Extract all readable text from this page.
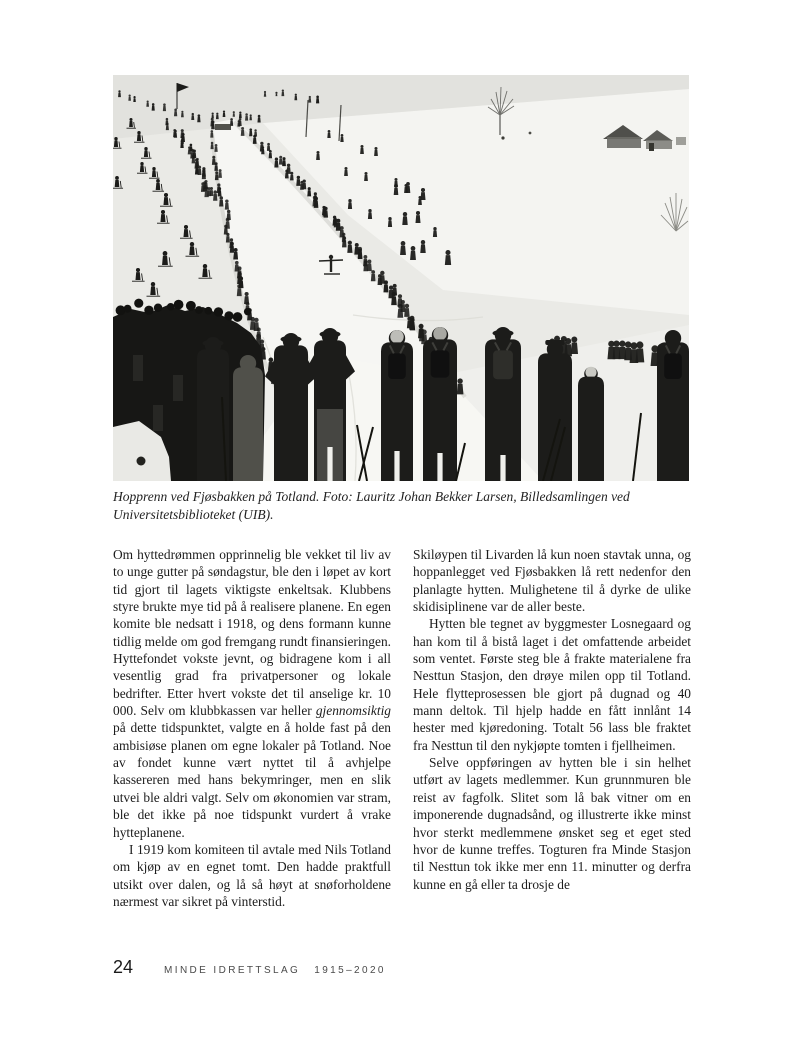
Hopprenn ved Fjøsbakken på Totland. Foto: Lauritz Johan Bekker Larsen, Billedsamlingen ved
Universitetsbiblioteket (UIB).

Om hyttedrømmen opprinnelig ble vekket til liv av to unge gutter på søndagstur, ble den i løpet av kort tid gjort til lagets viktigste enkeltsak. Klubbens styre brukte mye tid på å realisere planene. En egen komite ble nedsatt i 1918, og dens formann kunne tidlig melde om god fremgang rundt finansieringen. Hyttefondet vokste jevnt, og bidragene kom i all vesentlig grad fra privatpersoner og lokale bedrifter. Etter hvert vokste det til anselige kr. 10 000. Selv om klubbkassen var heller gjennomsiktig på dette tidspunktet, valgte en å holde fast på den ambisiøse planen om egne lokaler på Totland. Noe av fondet kunne vært nyttet til å avhjelpe kassereren med hans bekymringer, men en slik utvei ble aldri valgt. Selv om økonomien var stram, ble det ikke på noe tidspunkt vurdert å vrake hytteplanene.

I 1919 kom komiteen til avtale med Nils Totland om kjøp av en egnet tomt. Den hadde praktfull utsikt over dalen, og lå så høyt at snøforholdene nærmest var sikret på vinterstid.

Skiløypen til Livarden lå kun noen stavtak unna, og hoppanlegget ved Fjøsbakken lå rett nedenfor den planlagte hytten. Mulighetene til å dyrke de ulike skidisiplinene var de aller beste.

Hytten ble tegnet av byggmester Losnegaard og han kom til å bistå laget i det omfattende arbeidet som ventet. Første steg ble å frakte materialene fra Nesttun Stasjon, den drøye milen opp til Totland. Hele flytteprosessen ble gjort på dugnad og 40 mann deltok. Til hjelp hadde en fått innlånt 14 hester med kjøredoning. Totalt 56 lass ble fraktet fra Nesttun til den nykjøpte tomten i fjellheimen.

Selve oppføringen av hytten ble i sin helhet utført av lagets medlemmer. Kun grunnmuren ble reist av fagfolk. Slitet som lå bak vitner om en imponerende dugnadsånd, og illustrerte ikke minst hvor sterkt medlemmene ønsket seg et eget sted hvor de kunne treffes. Togturen fra Minde Stasjon til Nesttun tok ikke mer enn 11. minutter og derfra kunne en gå eller ta drosje de

24	MINDE IDRETTSLAG 1915–2020
